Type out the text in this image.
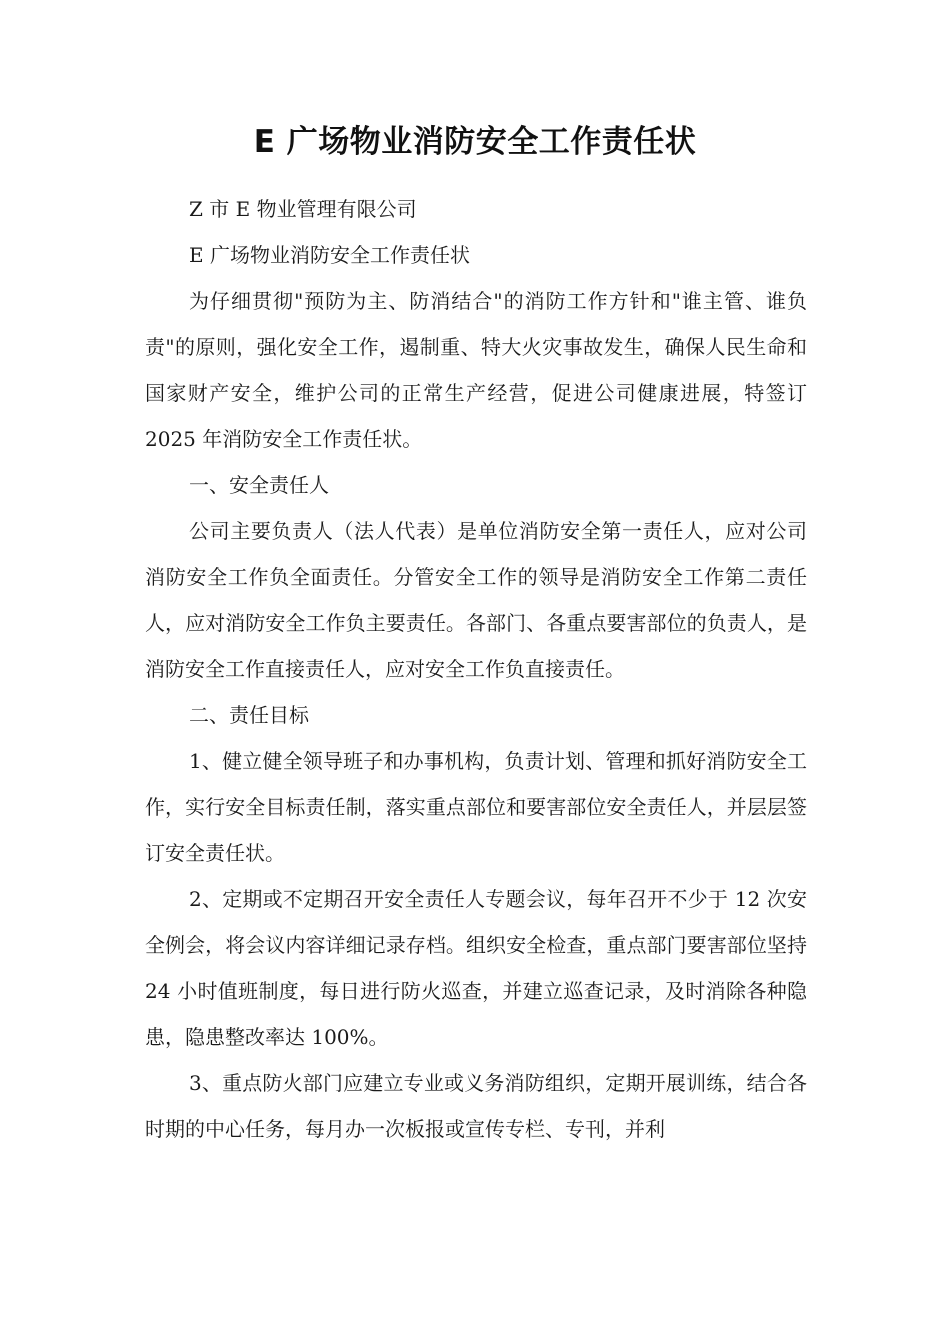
E 广场物业消防安全工作责任状

Z 市 E 物业管理有限公司

E 广场物业消防安全工作责任状

为仔细贯彻"预防为主、防消结合"的消防工作方针和"谁主管、谁负责"的原则，强化安全工作，遏制重、特大火灾事故发生，确保人民生命和国家财产安全，维护公司的正常生产经营，促进公司健康进展，特签订 2025 年消防安全工作责任状。

一、安全责任人

公司主要负责人（法人代表）是单位消防安全第一责任人，应对公司消防安全工作负全面责任。分管安全工作的领导是消防安全工作第二责任人，应对消防安全工作负主要责任。各部门、各重点要害部位的负责人，是消防安全工作直接责任人，应对安全工作负直接责任。

二、责任目标

1、健立健全领导班子和办事机构，负责计划、管理和抓好消防安全工作，实行安全目标责任制，落实重点部位和要害部位安全责任人，并层层签订安全责任状。

2、定期或不定期召开安全责任人专题会议，每年召开不少于 12 次安全例会，将会议内容详细记录存档。组织安全检查，重点部门要害部位坚持 24 小时值班制度，每日进行防火巡查，并建立巡查记录，及时消除各种隐患，隐患整改率达 100%。

3、重点防火部门应建立专业或义务消防组织，定期开展训练，结合各时期的中心任务，每月办一次板报或宣传专栏、专刊，并利
